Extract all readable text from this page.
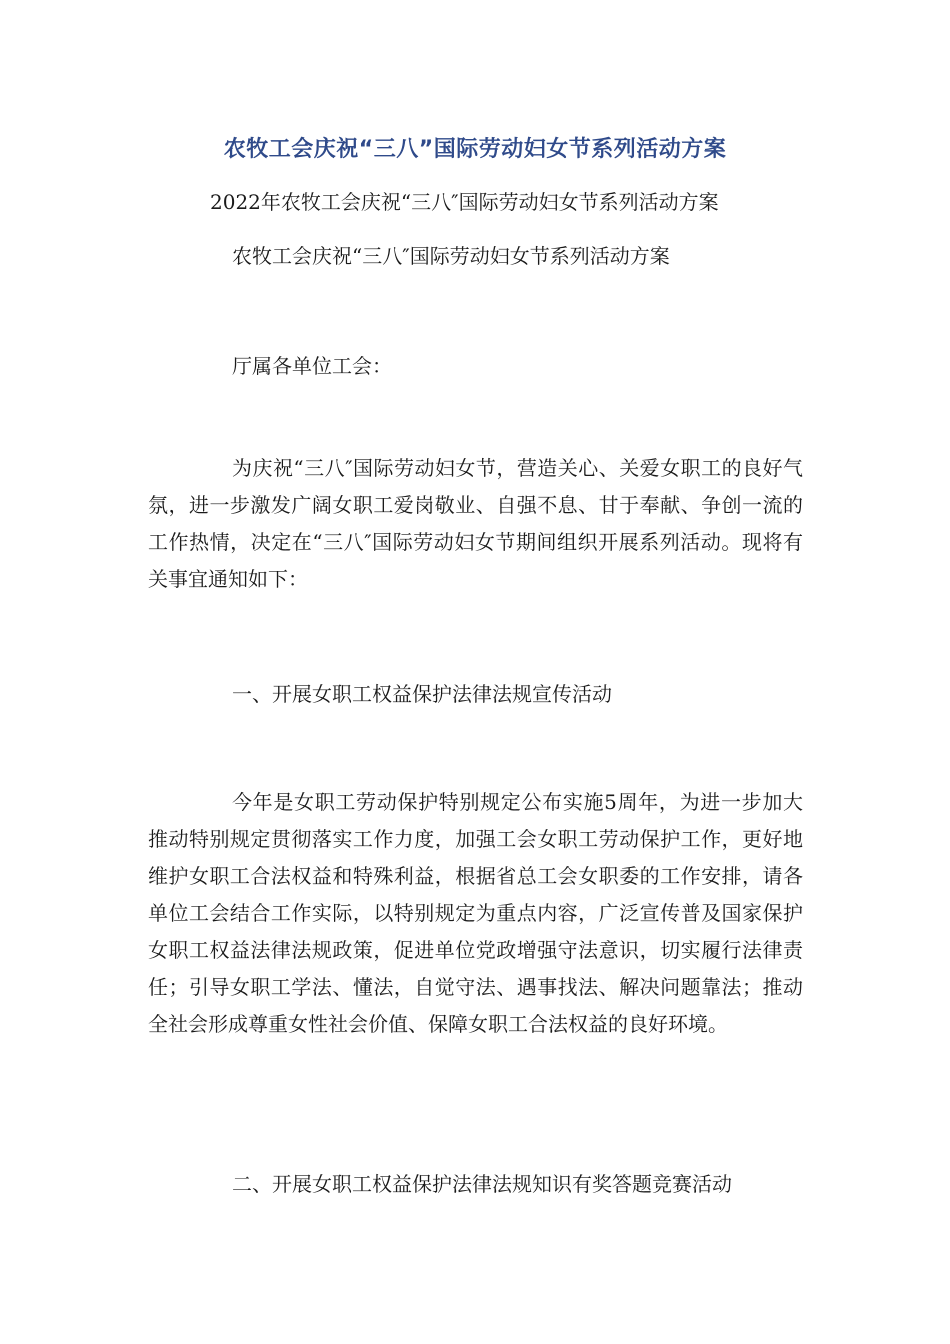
农牧工会庆祝“三八”国际劳动妇女节系列活动方案
2022年农牧工会庆祝“三八″国际劳动妇女节系列活动方案
农牧工会庆祝“三八″国际劳动妇女节系列活动方案
厅属各单位工会：

为庆祝“三八″国际劳动妇女节，营造关心、关爱女职工的良好气氛，进一步激发广阔女职工爱岗敬业、自强不息、甘于奉献、争创一流的工作热情，决定在“三八″国际劳动妇女节期间组织开展系列活动。现将有关事宜通知如下：

一、开展女职工权益保护法律法规宣传活动

今年是女职工劳动保护特别规定公布实施5周年，为进一步加大推动特别规定贯彻落实工作力度，加强工会女职工劳动保护工作，更好地维护女职工合法权益和特殊利益，根据省总工会女职委的工作安排，请各单位工会结合工作实际，以特别规定为重点内容，广泛宣传普及国家保护女职工权益法律法规政策，促进单位党政增强守法意识，切实履行法律责任；引导女职工学法、懂法，自觉守法、遇事找法、解决问题靠法；推动全社会形成尊重女性社会价值、保障女职工合法权益的良好环境。

二、开展女职工权益保护法律法规知识有奖答题竞赛活动
